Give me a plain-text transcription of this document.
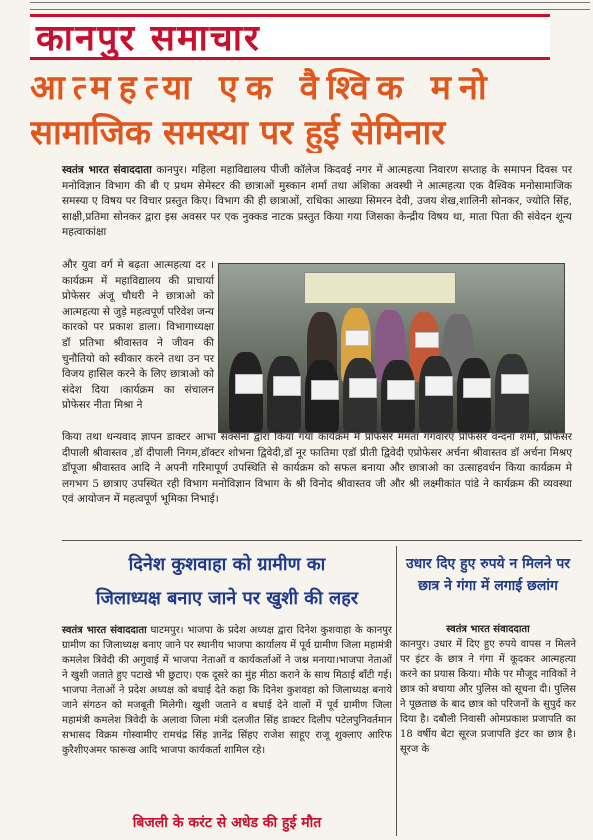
कानपुर समाचार
आत्महत्या एक वैश्विक मनो
सामाजिक समस्या पर हुई सेमिनार
स्वतंत्र भारत संवाददाता कानपुर। महिला महाविद्यालय पीजी कॉलेज किदवई नगर में आत्महत्या निवारण सप्ताह के समापन दिवस पर मनोविज्ञान विभाग की बी ए प्रथम सेमेस्टर की छात्राओं मुस्कान शर्मा तथा अंशिका अवस्थी ने आत्महत्या एक वैश्विक मनोसामाजिक समस्या ए विषय पर विचार प्रस्तुत किए। विभाग की ही छात्राओं, राधिका आख्या सिमरन देवी, उजय शेख,शालिनी सोनकर, ज्योति सिंह, साक्षी,प्रतिमा सोनकर द्वारा इस अवसर पर एक नुक्कड नाटक प्रस्तुत किया गया जिसका केन्द्रीय विषय था, माता पिता की संवेदन शून्य महत्वाकांक्षा
और युवा वर्ग मे बढ़ता आत्महत्या दर । कार्यक्रम में महाविद्यालय की प्राचार्या प्रोफेसर अंजू चौधरी ने छात्राओ को आत्महत्या से जुड़े महत्वपूर्ण परिवेश जन्य कारको पर प्रकाश डाला। विभागाध्यक्षा डॉ प्रतिभा श्रीवास्तव ने जीवन की चुनौतियो को स्वीकार करने तथा उन पर विजय हासिल करने के लिए छात्राओ को संदेश दिया ।कार्यक्रम का संचालन प्रोफेसर नीता मिश्रा ने
किया तथा धन्यवाद ज्ञापन डाक्टर आभा सक्सेना द्वारा किया गया कार्यक्रम मे प्रोफेसर ममता गंगवारए प्रोफेसर वन्दना शर्मा, प्रोफेसर दीपाली श्रीवास्तव ,डॉ दीपाली निगम,डॉक्टर शोभना द्विवेदी,डॉ नूर फातिमा एडॉ प्रीती द्विवेदी एप्रोफेसर अर्चना श्रीवास्तव डॉ अर्चना मिश्रए डॉपूजा श्रीवास्तव आदि ने अपनी गरिमापूर्ण उपस्थिति से कार्यक्रम को सफल बनाया और छात्राओ का उत्साहवर्धन किया कार्यक्रम मे लगभग 5 छात्राए उपस्थित रही विभाग मनोविज्ञान विभाग के श्री विनोद श्रीवास्तव जी और श्री लक्ष्मीकांत पांडे ने कार्यक्रम की व्यवस्था एवं आयोजन में महत्वपूर्ण भूमिका निभाई।
दिनेश कुशवाहा को ग्रामीण का
जिलाध्यक्ष बनाए जाने पर खुशी की लहर
स्वतंत्र भारत संवाददाता घाटमपुर। भाजपा के प्रदेश अध्यक्ष द्वारा दिनेश कुशवाहा के कानपुर ग्रामीण का जिलाध्यक्ष बनाए जाने पर स्थानीय भाजपा कार्यालय में पूर्व ग्रामीण जिला महामंत्री कमलेश त्रिवेदी की अगुवाई में भाजपा नेताओं व कार्यकर्ताओं ने जश्न मनाया।भाजपा नेताओं ने खुशी जताते हुए पटाखे भी छुटाए। एक दूसरे का मुंह मीठा कराने के साथ मिठाई बाँटी गई। भाजपा नेताओं ने प्रदेश अध्यक्ष को बधाई देते कहा कि दिनेश कुशवहा को जिलाध्यक्ष बनाये जाने संगठन को मजबूती मिलेगी। खुशी जताने व बधाई देने वालों में पूर्व ग्रामीण जिला महामंत्री कमलेश त्रिवेदी के अलावा जिला मंत्री दलजीत सिंह डाक्टर दिलीप पटेलपुनिवर्तमान सभासद विक्रम गोस्वामीए रामचंद्र सिंह ज्ञानेंद्र सिंहए राजेश साहूए राजू शुक्लाए आरिफ कुरैशीएअमर फारूख आदि भाजपा कार्यकर्ता शामिल रहे।
बिजली के करंट से अधेड की हुई मौत
उधार दिए हुए रुपये न मिलने पर छात्र ने गंगा में लगाई छलांग
स्वतंत्र भारत संवाददाता
कानपुर। उधार में दिए हुए रुपये वापस न मिलने पर इंटर के छात्र ने गंगा में कूदकर आत्महत्या करने का प्रयास किया। मौके पर मौजूद नाविकों ने छात्र को बचाया और पुलिस को सूचना दी। पुलिस ने पूछताछ के बाद छात्र को परिजनों के सुपुर्द कर दिया है। दबौली निवासी ओमप्रकाश प्रजापति का 18 वर्षीय बेटा सूरज प्रजापति इंटर का छात्र है। सूरज के
